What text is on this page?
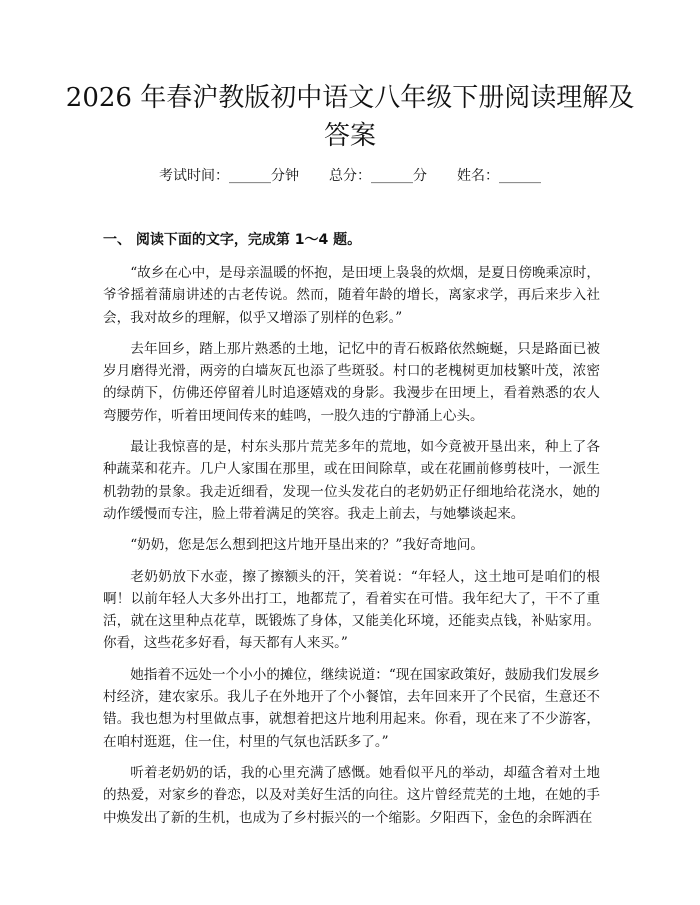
2026 年春沪教版初中语文八年级下册阅读理解及答案
考试时间：______分钟 总分：______分 姓名：______
一、 阅读下面的文字，完成第 1～4 题。

“故乡在心中，是母亲温暖的怀抱，是田埂上袅袅的炊烟，是夏日傍晚乘凉时，爷爷摇着蒲扇讲述的古老传说。然而，随着年龄的增长，离家求学，再后来步入社会，我对故乡的理解，似乎又增添了别样的色彩。”

去年回乡，踏上那片熟悉的土地，记忆中的青石板路依然蜿蜒，只是路面已被岁月磨得光滑，两旁的白墙灰瓦也添了些斑驳。村口的老槐树更加枝繁叶茂，浓密的绿荫下，仿佛还停留着儿时追逐嬉戏的身影。我漫步在田埂上，看着熟悉的农人弯腰劳作，听着田埂间传来的蛙鸣，一股久违的宁静涌上心头。

最让我惊喜的是，村东头那片荒芜多年的荒地，如今竟被开垦出来，种上了各种蔬菜和花卉。几户人家围在那里，或在田间除草，或在花圃前修剪枝叶，一派生机勃勃的景象。我走近细看，发现一位头发花白的老奶奶正仔细地给花浇水，她的动作缓慢而专注，脸上带着满足的笑容。我走上前去，与她攀谈起来。

“奶奶，您是怎么想到把这片地开垦出来的？”我好奇地问。

老奶奶放下水壶，擦了擦额头的汗，笑着说：“年轻人，这土地可是咱们的根啊！以前年轻人大多外出打工，地都荒了，看着实在可惜。我年纪大了，干不了重活，就在这里种点花草，既锻炼了身体，又能美化环境，还能卖点钱，补贴家用。你看，这些花多好看，每天都有人来买。”

她指着不远处一个小小的摊位，继续说道：“现在国家政策好，鼓励我们发展乡村经济，建农家乐。我儿子在外地开了个小餐馆，去年回来开了个民宿，生意还不错。我也想为村里做点事，就想着把这片地利用起来。你看，现在来了不少游客，在咱村逛逛，住一住，村里的气氛也活跃多了。”

听着老奶奶的话，我的心里充满了感慨。她看似平凡的举动，却蕴含着对土地的热爱，对家乡的眷恋，以及对美好生活的向往。这片曾经荒芜的土地，在她的手中焕发出了新的生机，也成为了乡村振兴的一个缩影。夕阳西下，金色的余晖洒在
